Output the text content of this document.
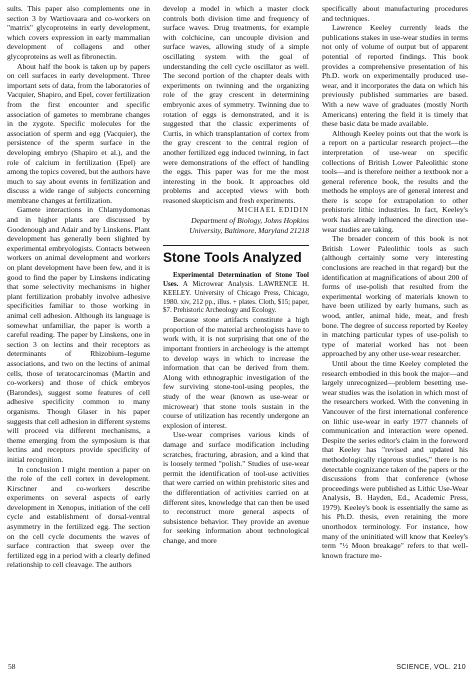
sults. This paper also complements one in section 3 by Wartiovaara and co-workers on "matrix" glycoproteins in early development, which covers expression in early mammalian development of collagens and other glycoproteins as well as fibronectin.

About half the book is taken up by papers on cell surfaces in early development. Three important sets of data, from the laboratories of Vacquier, Shapiro, and Epel, cover fertilization from the first encounter and specific association of gametes to membrane changes in the zygote. Specific molecules for the association of sperm and egg (Vacquier), the persistence of the sperm surface in the developing embryo (Shapiro et al.), and the role of calcium in fertilization (Epel) are among the topics covered, but the authors have much to say about events in fertilization and discuss a wide range of subjects concerning membrane changes at fertilization.

Gamete interactions in Chlamydomonas and in higher plants are discussed by Goodenough and Adair and by Linskens. Plant development has generally been slighted by experimental embryologists. Contacts between workers on animal development and workers on plant development have been few, and it is good to find the paper by Linskens indicating that some selectivity mechanisms in higher plant fertilization probably involve adhesive specificities familiar to those working in animal cell adhesion. Although its language is somewhat unfamiliar, the paper is worth a careful reading. The paper by Linskens, one in section 3 on lectins and their receptors as determinants of Rhizobium–legume associations, and two on the lectins of animal cells, those of teratocarcinomas (Martin and co-workers) and those of chick embryos (Barondes), suggest some features of cell adhesive specificity common to many organisms. Though Glaser in his paper suggests that cell adhesion in different systems will proceed via different mechanisms, a theme emerging from the symposium is that lectins and receptors provide specificity of initial recognition.

In conclusion I might mention a paper on the role of the cell cortex in development. Kirschner and co-workers describe experiments on several aspects of early development in Xenopus, initiation of the cell cycle and establishment of dorsal-ventral asymmetry in the fertilized egg. The section on the cell cycle documents the waves of surface contraction that sweep over the fertilized egg in a period with a clearly defined relationship to cell cleavage. The authors

develop a model in which a master clock controls both division time and frequency of surface waves. Drug treatments, for example with colchicine, can uncouple division and surface waves, allowing study of a simple oscillating system with the goal of understanding the cell cycle oscillator as well. The second portion of the chapter deals with experiments on twinning and the organizing role of the gray crescent in determining embryonic axes of symmetry. Twinning due to rotation of eggs is demonstrated, and it is suggested that the classic experiments of Curtis, in which transplantation of cortex from the gray crescent to the central region of another fertilized egg induced twinning, in fact were demonstrations of the effect of handling the eggs. This paper was for me the most interesting in the book. It approaches old problems and accepted views with both reasoned skepticism and fresh experiments.

MICHAEL EDIDIN

Department of Biology, Johns Hopkins

University, Baltimore, Maryland 21218

Stone Tools Analyzed

Experimental Determination of Stone Tool Uses. A Microwear Analysis. LAWRENCE H. KEELEY. University of Chicago Press, Chicago, 1980. xiv, 212 pp., illus. + plates. Cloth, $15; paper, $7. Prehistoric Archeology and Ecology.

Because stone artifacts constitute a high proportion of the material archeologists have to work with, it is not surprising that one of the important frontiers in archeology is the attempt to develop ways in which to increase the information that can be derived from them. Along with ethnographic investigation of the few surviving stone-tool-using peoples, the study of the wear (known as use-wear or microwear) that stone tools sustain in the course of utilization has recently undergone an explosion of interest.

Use-wear comprises various kinds of damage and surface modification including scratches, fracturing, abrasion, and a kind that is loosely termed "polish." Studies of use-wear permit the identification of tool-use activities that were carried on within prehistoric sites and the differentiation of activities carried on at different sites, knowledge that can then be used to reconstruct more general aspects of subsistence behavior. They provide an avenue for seeking information about technological change, and more

specifically about manufacturing procedures and techniques.

Lawrence Keeley currently leads the publications stakes in use-wear studies in terms not only of volume of output but of apparent potential of reported findings. This book provides a comprehensive presentation of his Ph.D. work on experimentally produced use-wear, and it incorporates the data on which his previously published summaries are based. With a new wave of graduates (mostly North Americans) entering the field it is timely that these basic data be made available.

Although Keeley points out that the work is a report on a particular research project—the interpretation of use-wear on specific collections of British Lower Paleolithic stone tools—and is therefore neither a textbook nor a general reference book, the results and the methods he employs are of general interest and there is scope for extrapolation to other prehistoric lithic industries. In fact, Keeley's work has already influenced the direction use-wear studies are taking.

The broader concern of this book is not British Lower Paleolithic tools as such (although certainly some very interesting conclusions are reached in that regard) but the identification at magnifications of about 200 of forms of use-polish that resulted from the experimental working of materials known to have been utilized by early humans, such as wood, antler, animal hide, meat, and fresh bone. The degree of success reported by Keeley in matching particular types of use-polish to type of material worked has not been approached by any other use-wear researcher.

Until about the time Keeley completed the research embodied in this book the major—and largely unrecognized—problem besetting use-wear studies was the isolation in which most of the researchers worked. With the convening in Vancouver of the first international conference on lithic use-wear in early 1977 channels of communication and interaction were opened. Despite the series editor's claim in the foreword that Keeley has "revised and updated his methodologically rigorous studies," there is no detectable cognizance taken of the papers or the discussions from that conference (whose proceedings were published as Lithic Use-Wear Analysis, B. Hayden, Ed., Academic Press, 1979). Keeley's book is essentially the same as his Ph.D. thesis, even retaining the more unorthodox terminology. For instance, how many of the uninitiated will know that Keeley's term "½ Moon breakage" refers to that well-known fracture me-

58	SCIENCE, VOL. 210
